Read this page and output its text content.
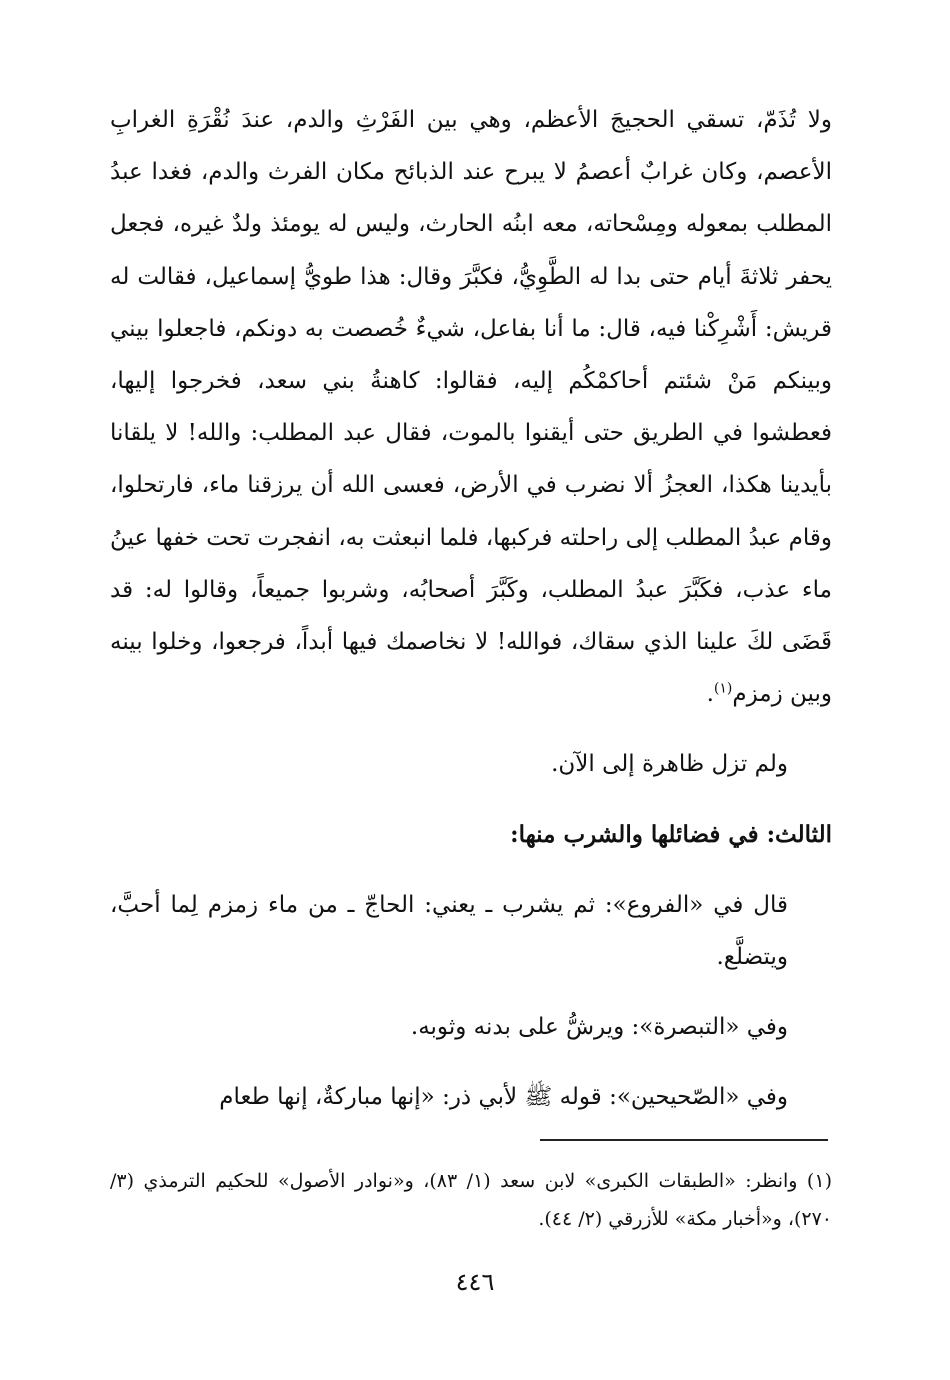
ولا تُذَمّ، تسقي الحجيجَ الأعظم، وهي بين الفَرْثِ والدم، عندَ نُقْرَةِ الغرابِ الأعصم، وكان غرابٌ أعصمُ لا يبرح عند الذبائح مكان الفرث والدم، فغدا عبدُ المطلب بمعوله ومِسْحاته، معه ابنُه الحارث، وليس له يومئذ ولدٌ غيره، فجعل يحفر ثلاثةَ أيام حتى بدا له الطَّوِيُّ، فكبَّرَ وقال: هذا طويُّ إسماعيل، فقالت له قريش: أَشْرِكْنا فيه، قال: ما أنا بفاعل، شيءٌ خُصصت به دونكم، فاجعلوا بيني وبينكم مَنْ شئتم أحاكمْكُم إليه، فقالوا: كاهنةُ بني سعد، فخرجوا إليها، فعطشوا في الطريق حتى أيقنوا بالموت، فقال عبد المطلب: والله! لا يلقانا بأيدينا هكذا، العجزُ ألا نضرب في الأرض، فعسى الله أن يرزقنا ماء، فارتحلوا، وقام عبدُ المطلب إلى راحلته فركبها، فلما انبعثت به، انفجرت تحت خفها عينُ ماء عذب، فكَبَّرَ عبدُ المطلب، وكَبَّرَ أصحابُه، وشربوا جميعاً، وقالوا له: قد قَضَى لكَ علينا الذي سقاك، فوالله! لا نخاصمك فيها أبداً، فرجعوا، وخلوا بينه وبين زمزم$^{(١)}$.

ولم تزل ظاهرة إلى الآن.

الثالث: في فضائلها والشرب منها:

قال في «الفروع»: ثم يشرب ـ يعني: الحاجّ ـ من ماء زمزم لِما أحبَّ، ويتضلَّع.

وفي «التبصرة»: ويرشُّ على بدنه وثوبه.

وفي «الصّحيحين»: قوله ﷺ لأبي ذر: «إنها مباركةٌ، إنها طعام

(١) وانظر: «الطبقات الكبرى» لابن سعد (١/ ٨٣)، و«نوادر الأصول» للحكيم الترمذي (٣/ ٢٧٠)، و«أخبار مكة» للأزرقي (٢/ ٤٤).

٤٤٦
